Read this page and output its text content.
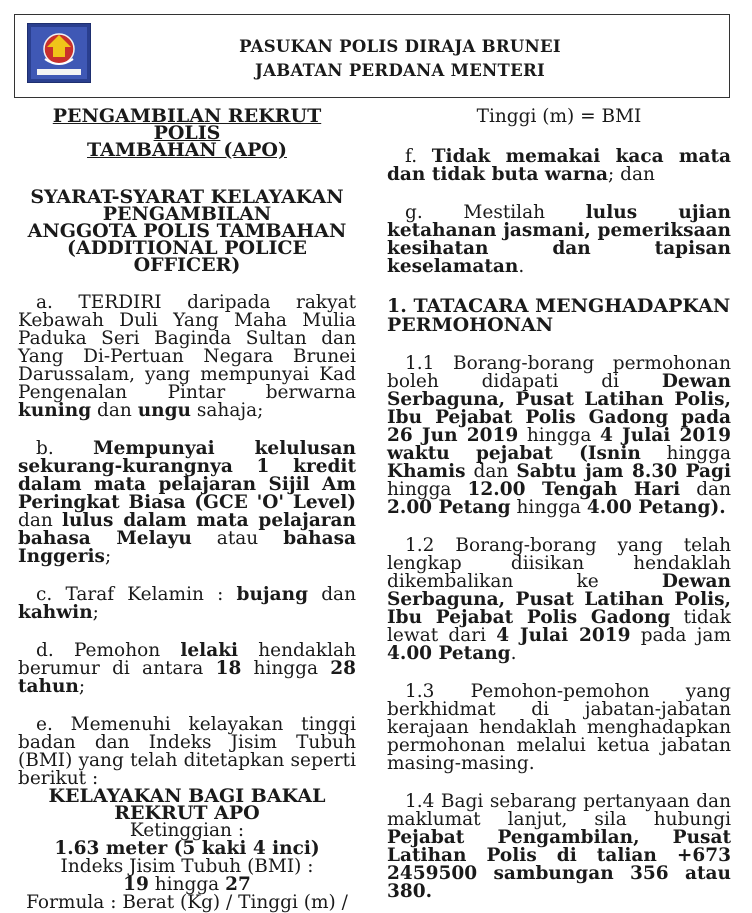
PASUKAN POLIS DIRAJA BRUNEI
JABATAN PERDANA MENTERI
PENGAMBILAN REKRUT POLIS
TAMBAHAN (APO)
SYARAT-SYARAT KELAYAKAN
PENGAMBILAN
ANGGOTA POLIS TAMBAHAN
(ADDITIONAL POLICE OFFICER)

a. TERDIRI daripada rakyat Kebawah Duli Yang Maha Mulia Paduka Seri Baginda Sultan dan Yang Di-Pertuan Negara Brunei Darussalam, yang mempunyai Kad Pengenalan Pintar berwarna kuning dan ungu sahaja;

b. Mempunyai kelulusan sekurang-kurangnya 1 kredit dalam mata pelajaran Sijil Am Peringkat Biasa (GCE 'O' Level) dan lulus dalam mata pelajaran bahasa Melayu atau bahasa Inggeris;

c. Taraf Kelamin : bujang dan kahwin;

d. Pemohon lelaki hendaklah berumur di antara 18 hingga 28 tahun;

e. Memenuhi kelayakan tinggi badan dan Indeks Jisim Tubuh (BMI) yang telah ditetapkan seperti berikut :

KELAYAKAN BAGI BAKAL
REKRUT APO
Ketinggian :
1.63 meter (5 kaki 4 inci)
Indeks Jisim Tubuh (BMI) :
19 hingga 27
Formula : Berat (Kg) / Tinggi (m) /
Tinggi (m) = BMI

f. Tidak memakai kaca mata dan tidak buta warna; dan

g. Mestilah lulus ujian ketahanan jasmani, pemeriksaan kesihatan dan tapisan keselamatan.

1. TATACARA MENGHADAPKAN
PERMOHONAN

1.1 Borang-borang permohonan boleh didapati di Dewan Serbaguna, Pusat Latihan Polis, Ibu Pejabat Polis Gadong pada 26 Jun 2019 hingga 4 Julai 2019 waktu pejabat (Isnin hingga Khamis dan Sabtu jam 8.30 Pagi hingga 12.00 Tengah Hari dan 2.00 Petang hingga 4.00 Petang).

1.2 Borang-borang yang telah lengkap diisikan hendaklah dikembalikan ke Dewan Serbaguna, Pusat Latihan Polis, Ibu Pejabat Polis Gadong tidak lewat dari 4 Julai 2019 pada jam 4.00 Petang.

1.3 Pemohon-pemohon yang berkhidmat di jabatan-jabatan kerajaan hendaklah menghadapkan permohonan melalui ketua jabatan masing-masing.

1.4 Bagi sebarang pertanyaan dan maklumat lanjut, sila hubungi Pejabat Pengambilan, Pusat Latihan Polis di talian +673 2459500 sambungan 356 atau 380.
